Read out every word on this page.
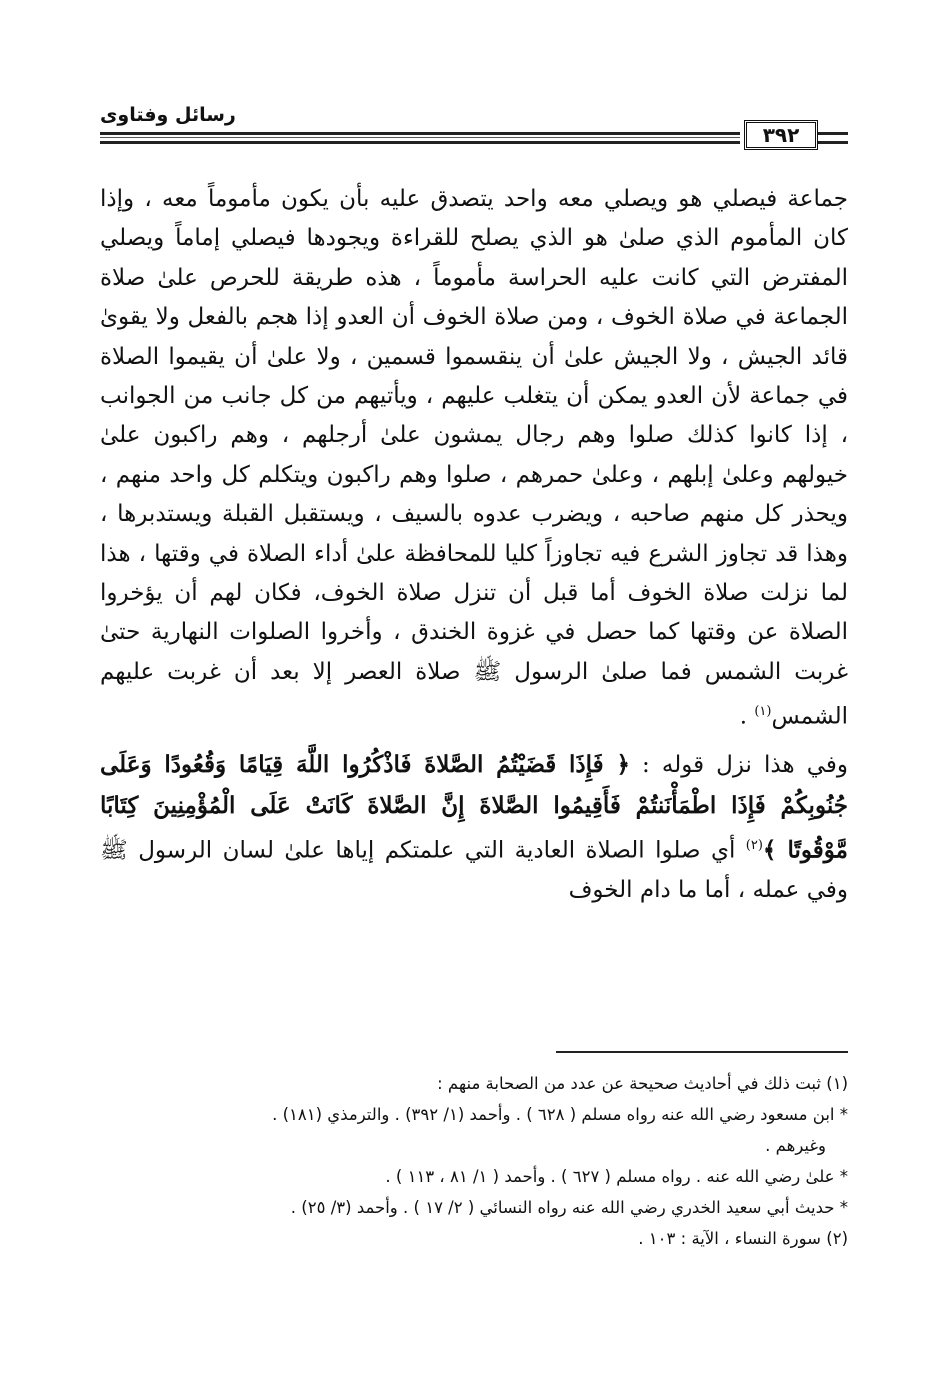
رسائل وفتاوى
٣٩٢

جماعة فيصلي هو ويصلي معه واحد يتصدق عليه بأن يكون مأموماً معه ، وإذا كان المأموم الذي صلىٰ هو الذي يصلح للقراءة ويجودها فيصلي إماماً ويصلي المفترض التي كانت عليه الحراسة مأموماً ، هذه طريقة للحرص علىٰ صلاة الجماعة في صلاة الخوف ، ومن صلاة الخوف أن العدو إذا هجم بالفعل ولا يقوىٰ قائد الجيش ، ولا الجيش علىٰ أن ينقسموا قسمين ، ولا علىٰ أن يقيموا الصلاة في جماعة لأن العدو يمكن أن يتغلب عليهم ، ويأتيهم من كل جانب من الجوانب ، إذا كانوا كذلك صلوا وهم رجال يمشون علىٰ أرجلهم ، وهم راكبون علىٰ خيولهم وعلىٰ إبلهم ، وعلىٰ حمرهم ، صلوا وهم راكبون ويتكلم كل واحد منهم ، ويحذر كل منهم صاحبه ، ويضرب عدوه بالسيف ، ويستقبل القبلة ويستدبرها ، وهذا قد تجاوز الشرع فيه تجاوزاً كليا للمحافظة علىٰ أداء الصلاة في وقتها ، هذا لما نزلت صلاة الخوف أما قبل أن تنزل صلاة الخوف، فكان لهم أن يؤخروا الصلاة عن وقتها كما حصل في غزوة الخندق ، وأخروا الصلوات النهارية حتىٰ غربت الشمس فما صلىٰ الرسول ﷺ صلاة العصر إلا بعد أن غربت عليهم الشمس$^{(١)}$ .

وفي هذا نزل قوله : ﴿ فَإِذَا قَضَيْتُمُ الصَّلاةَ فَاذْكُرُوا اللَّهَ قِيَامًا وَقُعُودًا وَعَلَى جُنُوبِكُمْ فَإِذَا اطْمَأْنَنتُمْ فَأَقِيمُوا الصَّلاةَ إِنَّ الصَّلاةَ كَانَتْ عَلَى الْمُؤْمِنِينَ كِتَابًا مَّوْقُوتًا ﴾$^{(٢)}$ أي صلوا الصلاة العادية التي علمتكم إياها علىٰ لسان الرسول ﷺ وفي عمله ، أما ما دام الخوف

(١) ثبت ذلك في أحاديث صحيحة عن عدد من الصحابة منهم :

* ابن مسعود رضي الله عنه رواه مسلم ( ٦٢٨ ) . وأحمد (١/ ٣٩٢) . والترمذي (١٨١) .

وغيرهم .

* علىٰ رضي الله عنه . رواه مسلم ( ٦٢٧ ) . وأحمد ( ١/ ٨١ ، ١١٣ ) .

* حديث أبي سعيد الخدري رضي الله عنه رواه النسائي ( ٢/ ١٧ ) . وأحمد (٣/ ٢٥) .

(٢) سورة النساء ، الآية : ١٠٣ .
